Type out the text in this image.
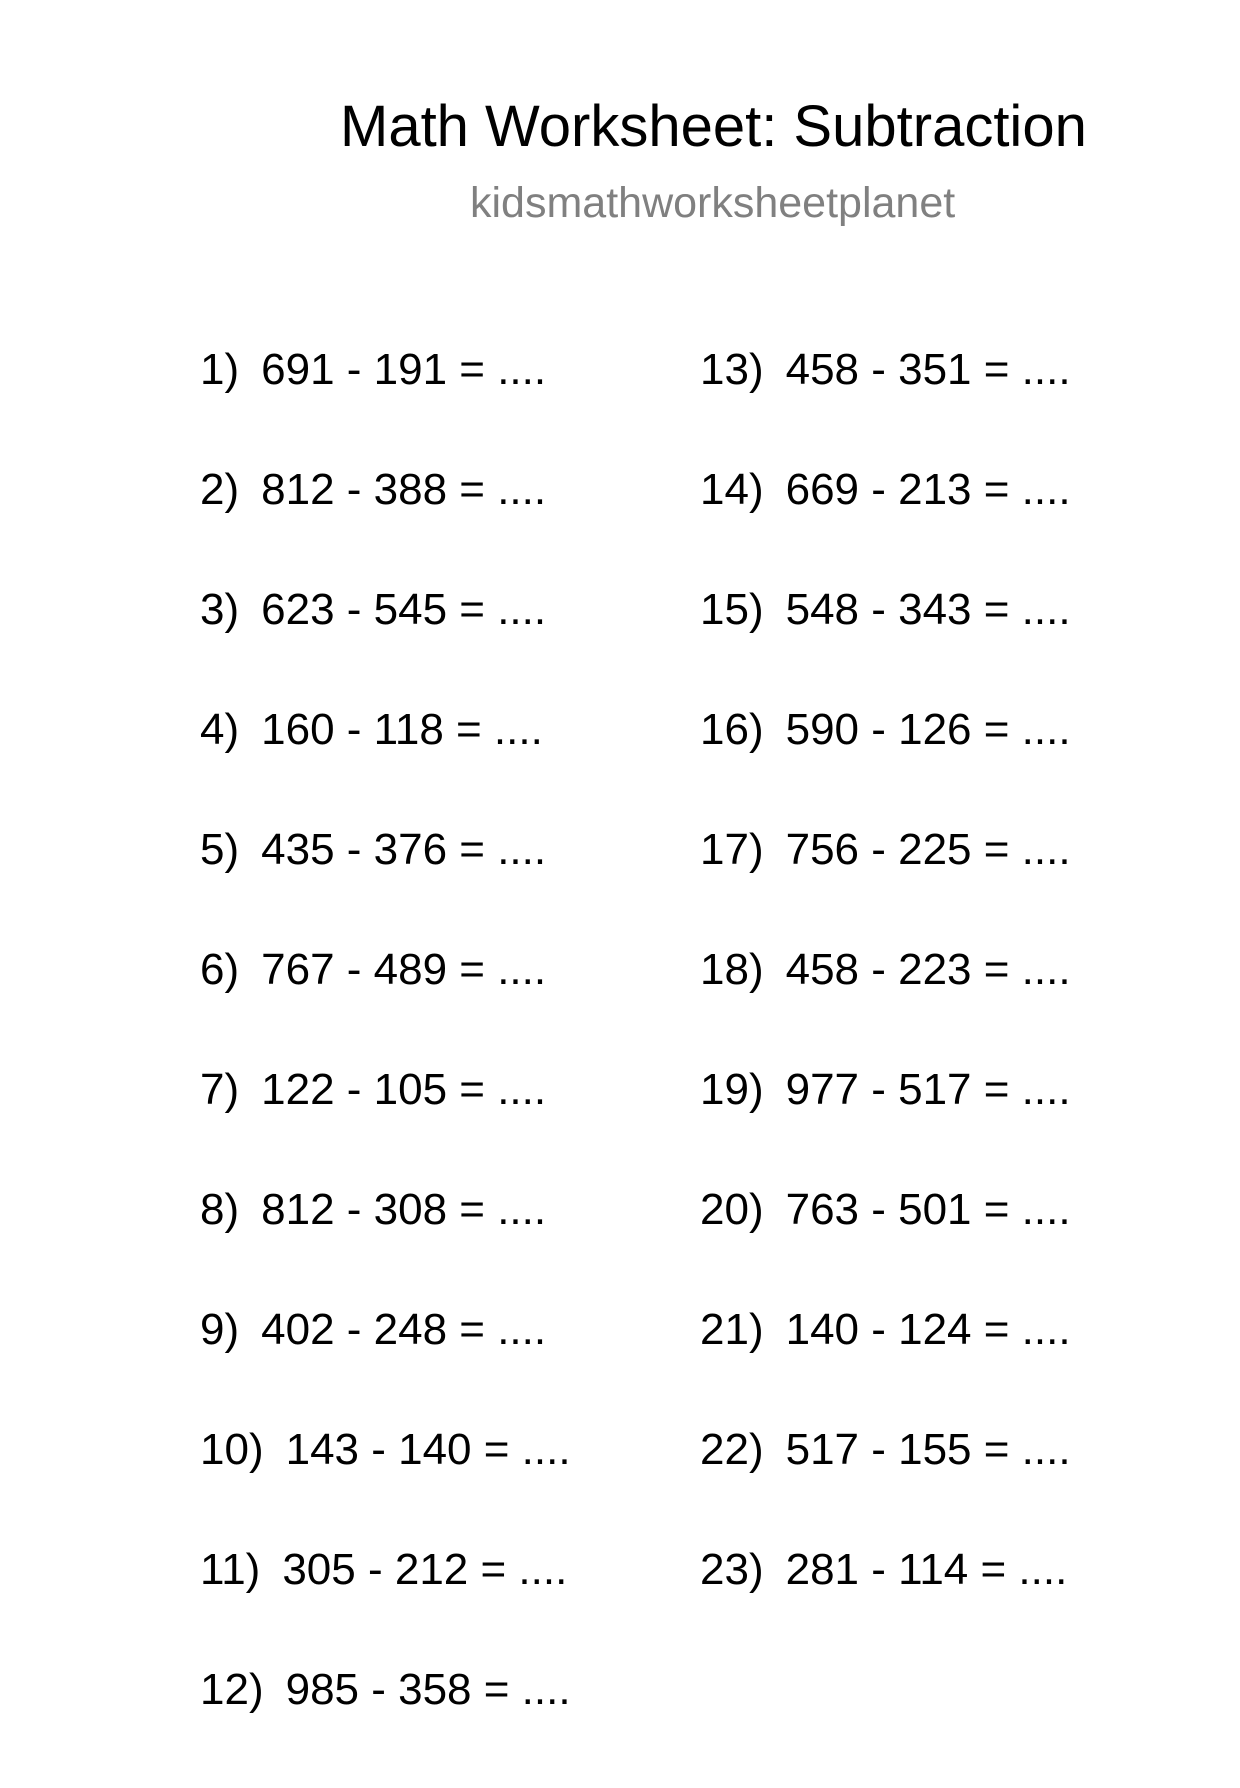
Math Worksheet: Subtraction
kidsmathworksheetplanet
1) 691 - 191 = ....
2) 812 - 388 = ....
3) 623 - 545 = ....
4) 160 - 118 = ....
5) 435 - 376 = ....
6) 767 - 489 = ....
7) 122 - 105 = ....
8) 812 - 308 = ....
9) 402 - 248 = ....
10) 143 - 140 = ....
11) 305 - 212 = ....
12) 985 - 358 = ....
13) 458 - 351 = ....
14) 669 - 213 = ....
15) 548 - 343 = ....
16) 590 - 126 = ....
17) 756 - 225 = ....
18) 458 - 223 = ....
19) 977 - 517 = ....
20) 763 - 501 = ....
21) 140 - 124 = ....
22) 517 - 155 = ....
23) 281 - 114 = ....
